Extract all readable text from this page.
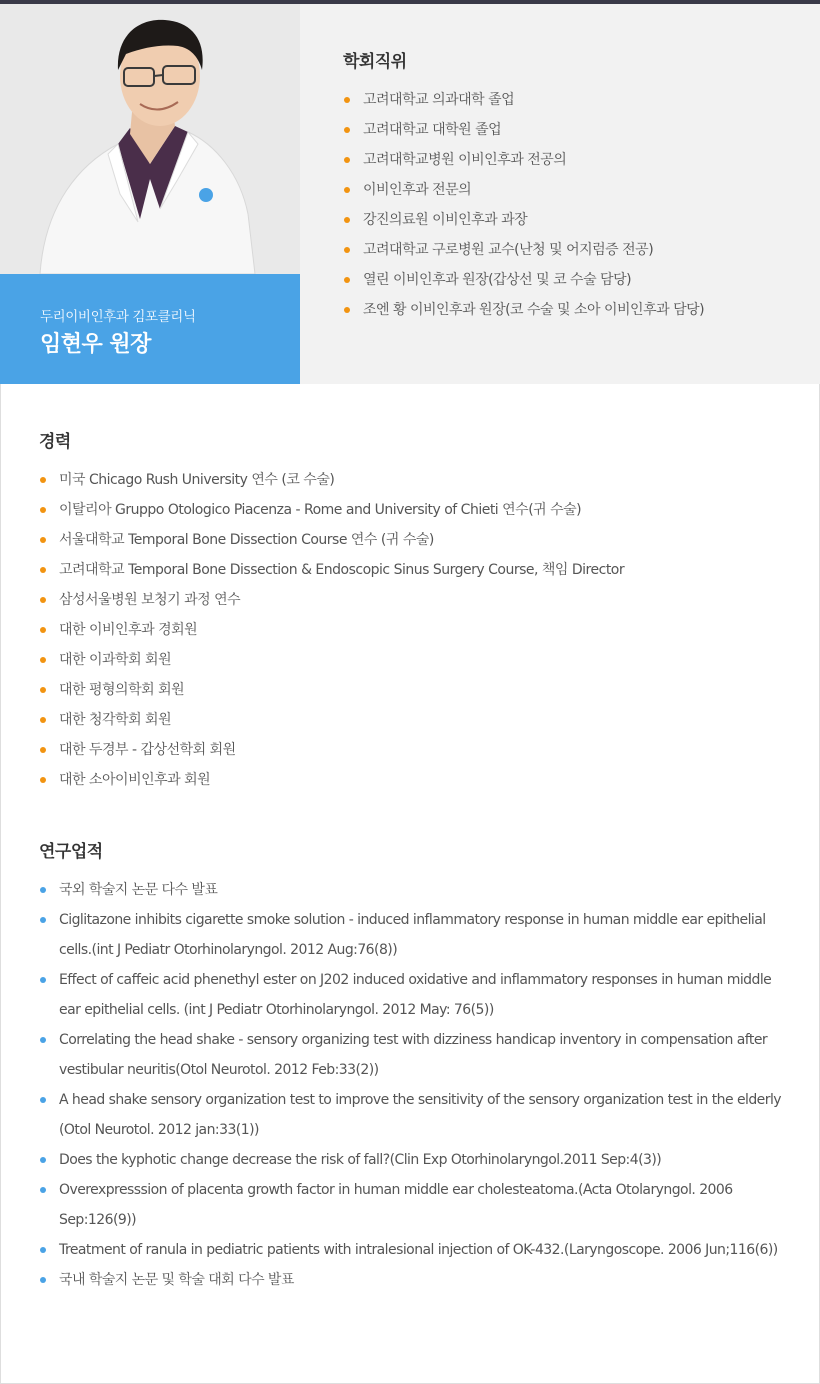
두리이비인후과 김포클리닉
임현우 원장
학회직위
고려대학교 의과대학 졸업
고려대학교 대학원 졸업
고려대학교병원 이비인후과 전공의
이비인후과 전문의
강진의료원 이비인후과 과장
고려대학교 구로병원 교수(난청 및 어지럼증 전공)
열린 이비인후과 원장(갑상선 및 코 수술 담당)
조엔 황 이비인후과 원장(코 수술 및 소아 이비인후과 담당)
경력
미국 Chicago Rush University 연수 (코 수술)
이탈리아 Gruppo Otologico Piacenza - Rome and University of Chieti 연수(귀 수술)
서울대학교 Temporal Bone Dissection Course 연수 (귀 수술)
고려대학교 Temporal Bone Dissection & Endoscopic Sinus Surgery Course, 책임 Director
삼성서울병원 보청기 과정 연수
대한 이비인후과 경회원
대한 이과학회 회원
대한 평형의학회 회원
대한 청각학회 회원
대한 두경부 - 갑상선학회 회원
대한 소아이비인후과 회원
연구업적
국외 학술지 논문 다수 발표
Ciglitazone inhibits cigarette smoke solution - induced inflammatory response in human middle ear epithelial cells.(int J Pediatr Otorhinolaryngol. 2012 Aug:76(8))
Effect of caffeic acid phenethyl ester on J202 induced oxidative and inflammatory responses in human middle ear epithelial cells. (int J Pediatr Otorhinolaryngol. 2012 May: 76(5))
Correlating the head shake - sensory organizing test with dizziness handicap inventory in compensation after vestibular neuritis(Otol Neurotol. 2012 Feb:33(2))
A head shake sensory organization test to improve the sensitivity of the sensory organization test in the elderly (Otol Neurotol. 2012 jan:33(1))
Does the kyphotic change decrease the risk of fall?(Clin Exp Otorhinolaryngol.2011 Sep:4(3))
Overexpresssion of placenta growth factor in human middle ear cholesteatoma.(Acta Otolaryngol. 2006 Sep:126(9))
Treatment of ranula in pediatric patients with intralesional injection of OK-432.(Laryngoscope. 2006 Jun;116(6))
국내 학술지 논문 및 학술 대회 다수 발표
